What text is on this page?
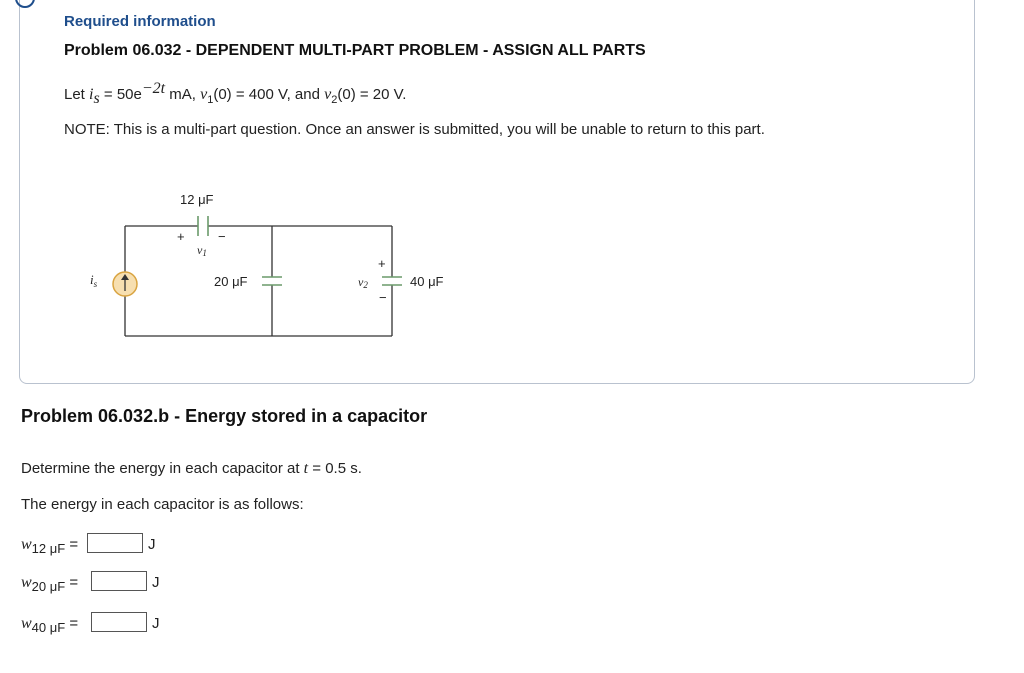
Required information
Problem 06.032 - DEPENDENT MULTI-PART PROBLEM - ASSIGN ALL PARTS
Let $i_s = 50e^{-2t}$ mA, $v_1(0) = 400$ V, and $v_2(0) = 20$ V.
NOTE: This is a multi-part question. Once an answer is submitted, you will be unable to return to this part.
12 μF
+	−
v1
$i_s$	20 μF
+
−
v2	40 μF
Problem 06.032.b - Energy stored in a capacitor
Determine the energy in each capacitor at t = 0.5 s.
The energy in each capacitor is as follows:
$w_{12 \mu F}$ =	J
$w_{20 \mu F}$ =	J
$w_{40 \mu F}$ =	J
